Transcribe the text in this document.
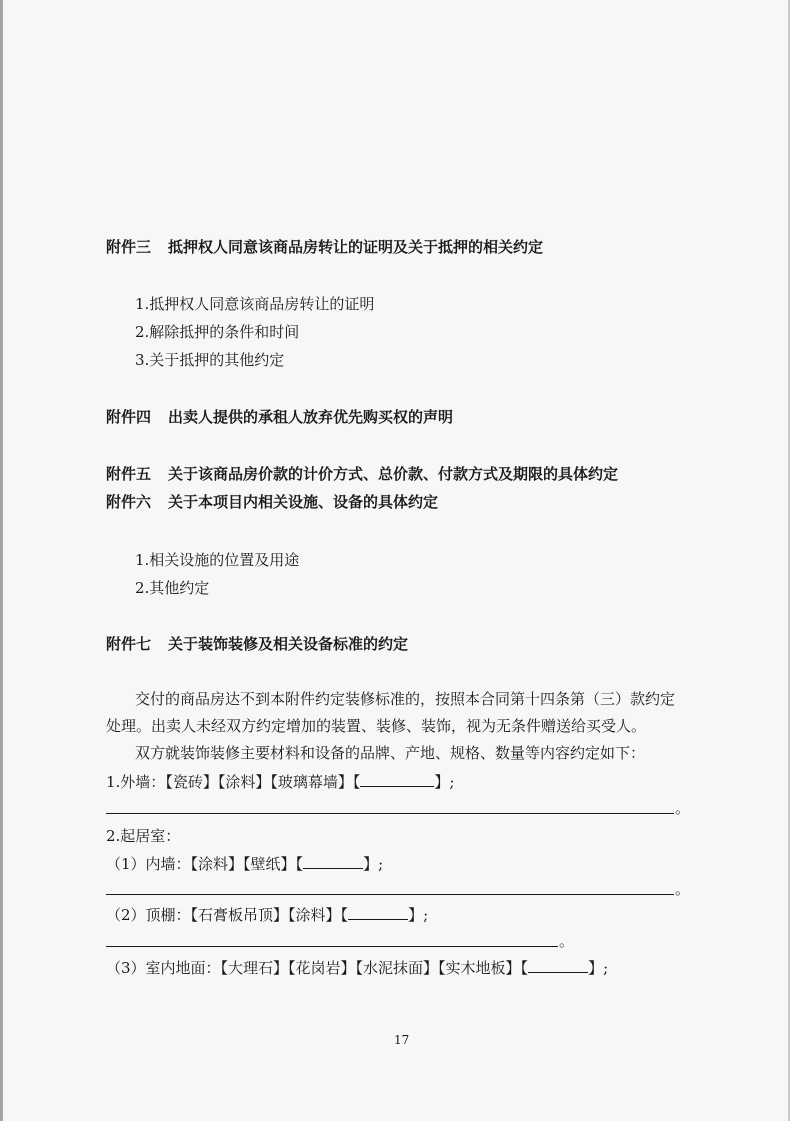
附件三 抵押权人同意该商品房转让的证明及关于抵押的相关约定
1.抵押权人同意该商品房转让的证明
2.解除抵押的条件和时间
3.关于抵押的其他约定
附件四 出卖人提供的承租人放弃优先购买权的声明
附件五 关于该商品房价款的计价方式、总价款、付款方式及期限的具体约定
附件六 关于本项目内相关设施、设备的具体约定
1.相关设施的位置及用途
2.其他约定
附件七 关于装饰装修及相关设备标准的约定
交付的商品房达不到本附件约定装修标准的，按照本合同第十四条第（三）款约定
处理。出卖人未经双方约定增加的装置、装修、装饰，视为无条件赠送给买受人。
双方就装饰装修主要材料和设备的品牌、产地、规格、数量等内容约定如下：
1.外墙：【瓷砖】【涂料】【玻璃幕墙】【	】;
。
2.起居室：
（1）内墙：【涂料】【壁纸】【	】;
。
（2）顶棚：【石膏板吊顶】【涂料】【	】;
。
（3）室内地面：【大理石】【花岗岩】【水泥抹面】【实木地板】【	】;
17
